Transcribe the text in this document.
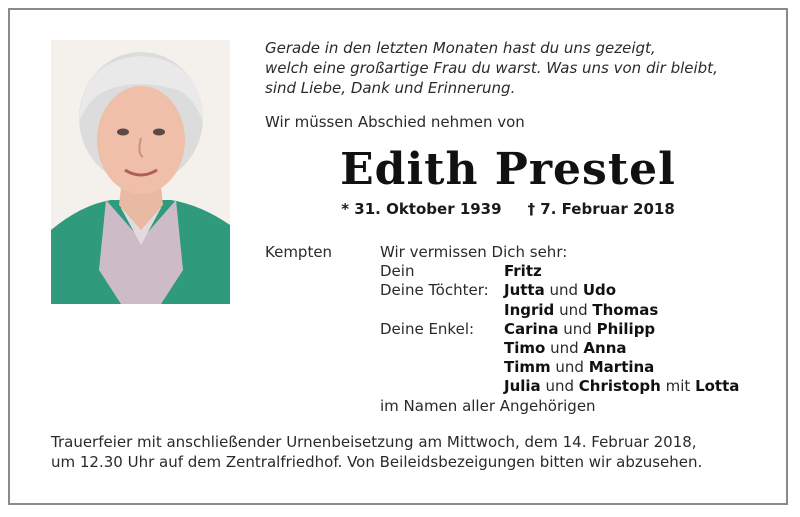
Gerade in den letzten Monaten hast du uns gezeigt,
welch eine großartige Frau du warst. Was uns von dir bleibt,
sind Liebe, Dank und Erinnerung.
Wir müssen Abschied nehmen von
Edith Prestel
* 31. Oktober 1939 † 7. Februar 2018
Kempten	Wir vermissen Dich sehr:
Dein	Fritz
Deine Töchter: Jutta und Udo
Ingrid und Thomas
Deine Enkel: Carina und Philipp
Timo und Anna
Timm und Martina
Julia und Christoph mit Lotta
im Namen aller Angehörigen
Trauerfeier mit anschließender Urnenbeisetzung am Mittwoch, dem 14. Februar 2018,
um 12.30 Uhr auf dem Zentralfriedhof. Von Beileidsbezeigungen bitten wir abzusehen.
